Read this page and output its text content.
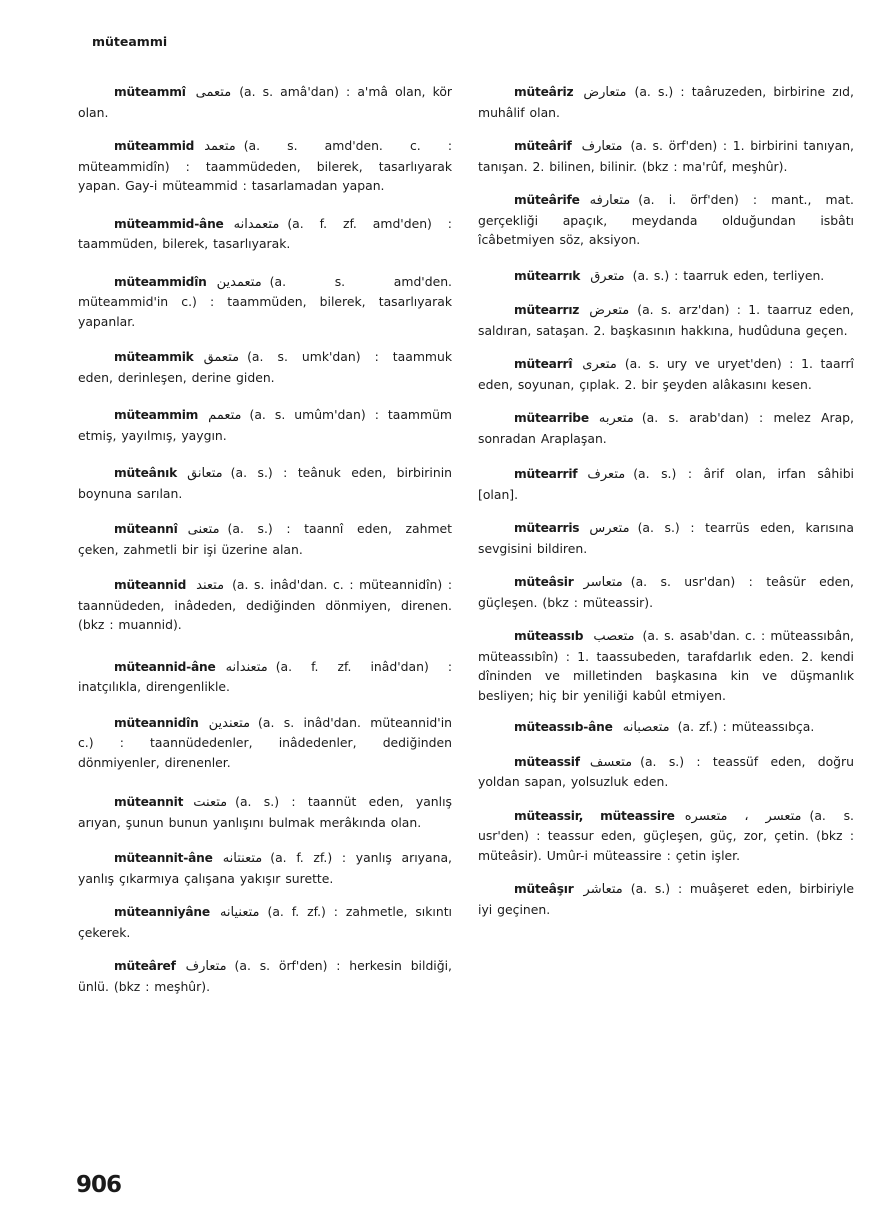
müteammi

müteammî متعمى (a. s. amâ'dan) : a'mâ olan, kör olan.

müteammid متعمد (a. s. amd'den. c. : müteammidîn) : taammüdeden, bilerek, tasarlıyarak yapan. Gay-i müteammid : tasarlamadan yapan.

müteammid-âne متعمدانه (a. f. zf. amd'den) : taammüden, bilerek, tasarlıyarak.

müteammidîn متعمدين (a. s. amd'den. müteammid'in c.) : taammüden, bilerek, tasarlıyarak yapanlar.

müteammik متعمق (a. s. umk'dan) : taammuk eden, derinleşen, derine giden.

müteammim متعمم (a. s. umûm'dan) : taammüm etmiş, yayılmış, yaygın.

müteânık متعانق (a. s.) : teânuk eden, birbirinin boynuna sarılan.

müteannî متعنى (a. s.) : taannî eden, zahmet çeken, zahmetli bir işi üzerine alan.

müteannid متعند (a. s. inâd'dan. c. : müteannidîn) : taannüdeden, inâdeden, dediğinden dönmiyen, direnen. (bkz : muannid).

müteannid-âne متعندانه (a. f. zf. inâd'dan) : inatçılıkla, direngenlikle.

müteannidîn متعندين (a. s. inâd'dan. müteannid'in c.) : taannüdedenler, inâdedenler, dediğinden dönmiyenler, direnenler.

müteannit متعنت (a. s.) : taannüt eden, yanlış arıyan, şunun bunun yanlışını bulmak merâkında olan.

müteannit-âne متعنتانه (a. f. zf.) : yanlış arıyana, yanlış çıkarmıya çalışana yakışır surette.

müteanniyâne متعنيانه (a. f. zf.) : zahmetle, sıkıntı çekerek.

müteâref متعارف (a. s. örf'den) : herkesin bildiği, ünlü. (bkz : meşhûr).

müteâriz متعارض (a. s.) : taâruzeden, birbirine zıd, muhâlif olan.

müteârif متعارف (a. s. örf'den) : 1. birbirini tanıyan, tanışan. 2. bilinen, bilinir. (bkz : ma'rûf, meşhûr).

müteârife متعارفه (a. i. örf'den) : mant., mat. gerçekliği apaçık, meydanda olduğundan isbâtı îcâbetmiyen söz, aksiyon.

mütearrık متعرق (a. s.) : taarruk eden, terliyen.

mütearrız متعرض (a. s. arz'dan) : 1. taarruz eden, saldıran, sataşan. 2. başkasının hakkına, hudûduna geçen.

mütearrî متعرى (a. s. ury ve uryet'den) : 1. taarrî eden, soyunan, çıplak. 2. bir şeyden alâkasını kesen.

mütearribe متعربه (a. s. arab'dan) : melez Arap, sonradan Araplaşan.

mütearrif متعرف (a. s.) : ârif olan, irfan sâhibi [olan].

mütearris متعرس (a. s.) : tearrüs eden, karısına sevgisini bildiren.

müteâsir متعاسر (a. s. usr'dan) : teâsür eden, güçleşen. (bkz : müteassir).

müteassıb متعصب (a. s. asab'dan. c. : müteassıbân, müteassıbîn) : 1. taassubeden, tarafdarlık eden. 2. kendi dîninden ve milletinden başkasına kin ve düşmanlık besliyen; hiç bir yeniliği kabûl etmiyen.

müteassıb-âne متعصبانه (a. zf.) : müteassıbça.

müteassif متعسف (a. s.) : teassüf eden, doğru yoldan sapan, yolsuzluk eden.

müteassir, müteassire متعسر ، متعسره (a. s. usr'den) : teassur eden, güçleşen, güç, zor, çetin. (bkz : müteâsir). Umûr-i müteassire : çetin işler.

müteâşır متعاشر (a. s.) : muâşeret eden, birbiriyle iyi geçinen.

906
